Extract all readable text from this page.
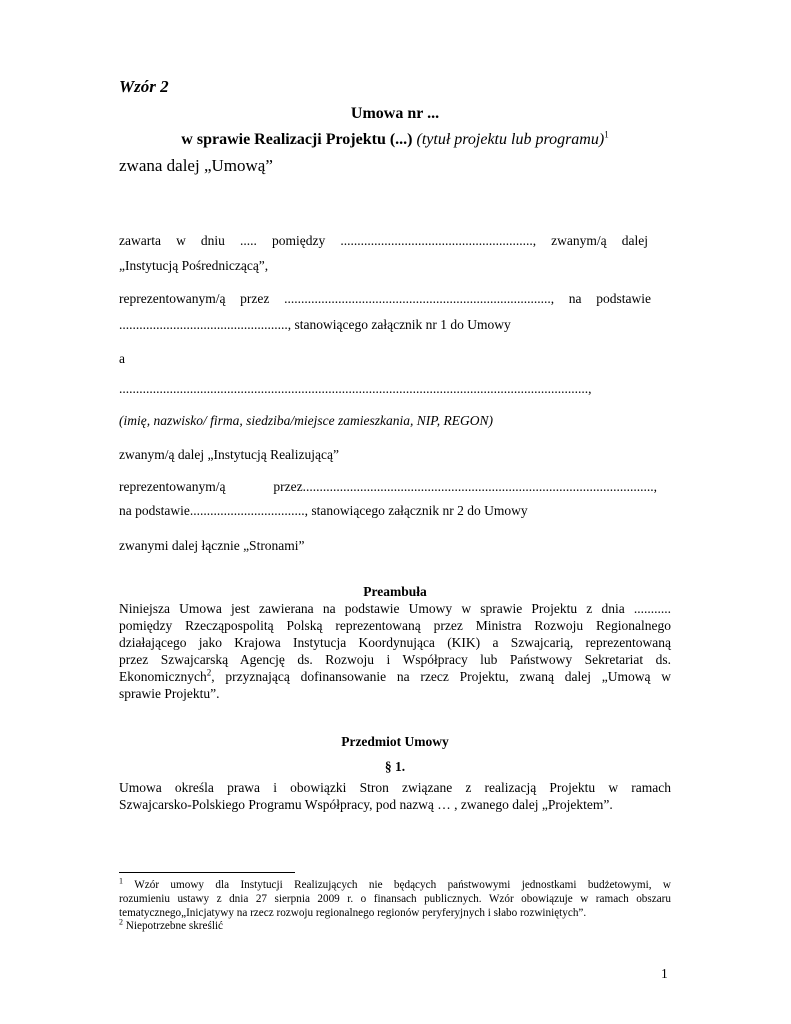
Wzór 2
Umowa nr ...
w sprawie Realizacji Projektu (...) (tytuł projektu lub programu)$^1$
zwana dalej „Umową”
zawarta w dniu ..... pomiędzy ........................................................., zwanym/ą dalej
„Instytucją Pośredniczącą”,
reprezentowanym/ą przez ..............................................................................., na podstawie
.................................................., stanowiącego załącznik nr 1 do Umowy
a
...........................................................................................................................................,
(imię, nazwisko/ firma, siedziba/miejsce zamieszkania, NIP, REGON)
zwanym/ą dalej „Instytucją Realizującą”
reprezentowanym/ą przez........................................................................................................,
na podstawie.................................., stanowiącego załącznik nr 2 do Umowy
zwanymi dalej łącznie „Stronami”
Preambuła
Niniejsza Umowa jest zawierana na podstawie Umowy w sprawie Projektu z dnia ...........
pomiędzy Rzecząpospolitą Polską reprezentowaną przez Ministra Rozwoju Regionalnego
działającego jako Krajowa Instytucja Koordynująca (KIK) a Szwajcarią, reprezentowaną
przez Szwajcarską Agencję ds. Rozwoju i Współpracy lub Państwowy Sekretariat ds.
Ekonomicznych$^2$, przyznającą dofinansowanie na rzecz Projektu, zwaną dalej „Umową w
sprawie Projektu”.
Przedmiot Umowy
§ 1.
Umowa określa prawa i obowiązki Stron związane z realizacją Projektu w ramach
Szwajcarsko-Polskiego Programu Współpracy, pod nazwą … , zwanego dalej „Projektem”.
$^1$ Wzór umowy dla Instytucji Realizujących nie będących państwowymi jednostkami budżetowymi, w
rozumieniu ustawy z dnia 27 sierpnia 2009 r. o finansach publicznych. Wzór obowiązuje w ramach obszaru
tematycznego„Inicjatywy na rzecz rozwoju regionalnego regionów peryferyjnych i słabo rozwiniętych”.
$^2$ Niepotrzebne skreślić
1
